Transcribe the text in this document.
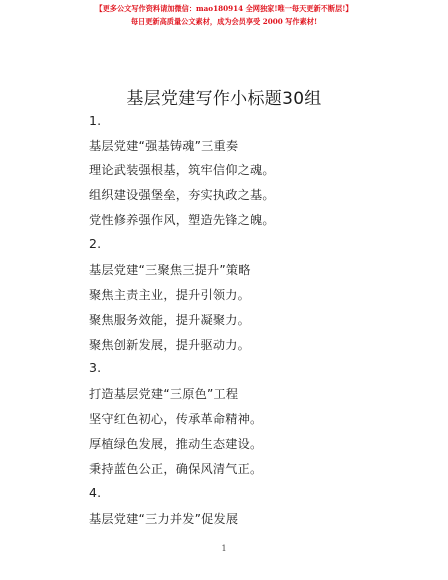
【更多公文写作资料请加微信：mao180914 全网独家!唯一每天更新不断层!】
每日更新高质量公文素材，成为会员享受 2000 写作素材!
基层党建写作小标题30组
1.
基层党建“强基铸魂”三重奏
理论武装强根基，筑牢信仰之魂。
组织建设强堡垒，夯实执政之基。
党性修养强作风，塑造先锋之魄。
2.
基层党建“三聚焦三提升”策略
聚焦主责主业，提升引领力。
聚焦服务效能，提升凝聚力。
聚焦创新发展，提升驱动力。
3.
打造基层党建“三原色”工程
坚守红色初心，传承革命精神。
厚植绿色发展，推动生态建设。
秉持蓝色公正，确保风清气正。
4.
基层党建“三力并发”促发展
1
